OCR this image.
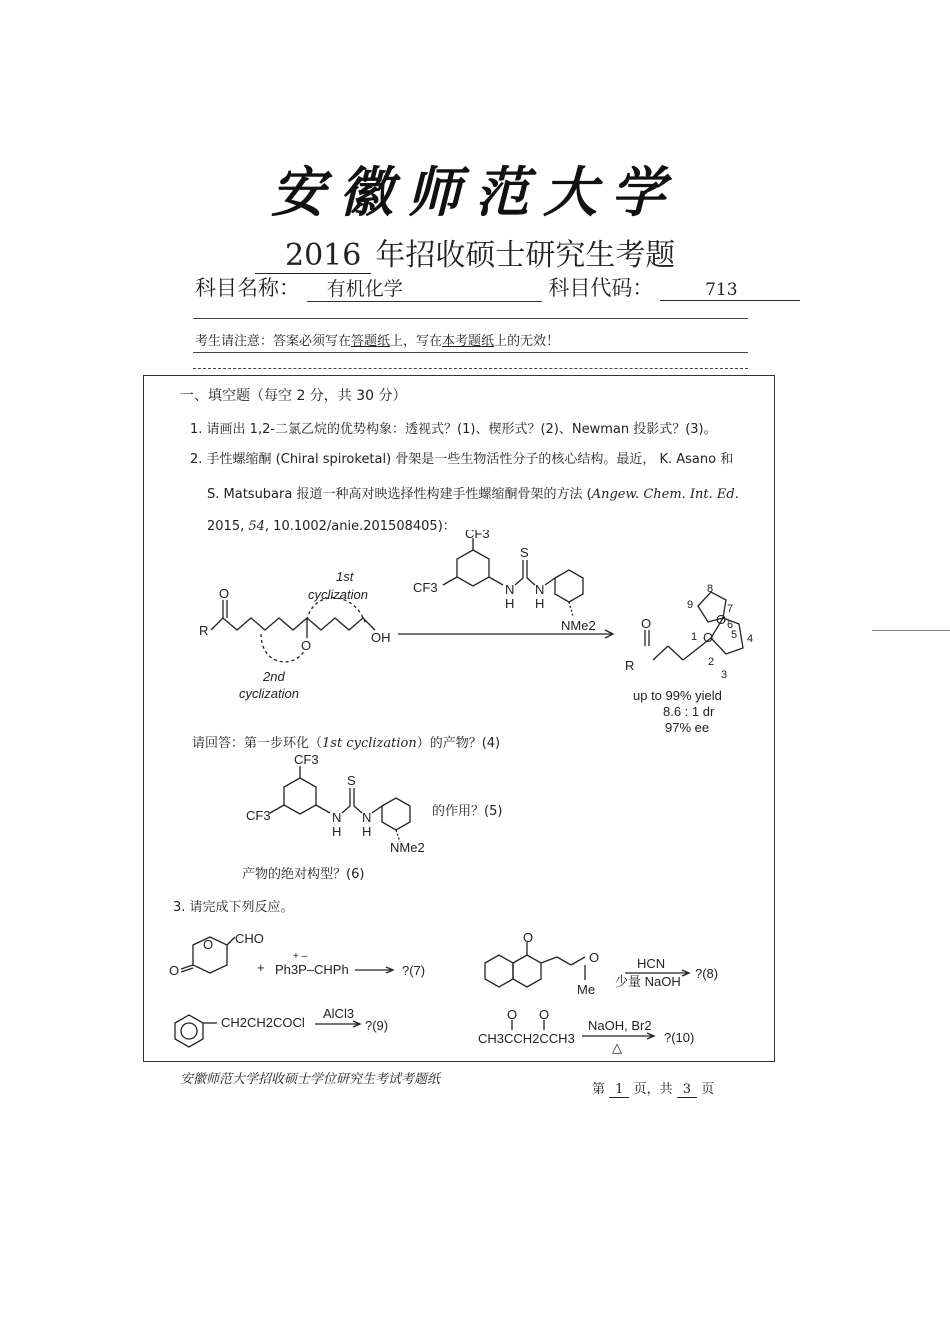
安徽师范大学
2016 年招收硕士研究生考题
科目名称： 有机化学	科目代码：	713
考生请注意：答案必须写在答题纸上，写在本考题纸上的无效！
一、填空题（每空 2 分，共 30 分）
1. 请画出 1,2-二氯乙烷的优势构象：透视式？(1)、楔形式？(2)、Newman 投影式？(3)。
2. 手性螺缩酮 (Chiral spiroketal) 骨架是一些生物活性分子的核心结构。最近， K. Asano 和
S. Matsubara 报道一种高对映选择性构建手性螺缩酮骨架的方法 (Angew. Chem. Int. Ed.
2015, 54, 10.1002/anie.201508405)：
1st
cyclization
2nd
cyclization
R
O
O
OH
CF3
CF3
S
N
H
N
H
NMe2
R
O
O
O
1
2
3
4
5
6
7
8
9
up to 99% yield
8.6 : 1 dr
97% ee
请回答：第一步环化（1st cyclization）的产物？(4)
CF3
CF3
S
N
H
N
H
NMe2
的作用？(5)
产物的绝对构型？(6)
3. 请完成下列反应。
CHO
O
O	+ Ph3P–CHPh
+ –
?(7)
O
O
Me
HCN
少量 NaOH
?(8)
CH2CH2COCl
AlCl3
?(9)
O O
CH3CCH2CCH3
NaOH, Br2
△
?(10)
安徽师范大学招收硕士学位研究生考试考题纸
第 1 页，共 3 页
